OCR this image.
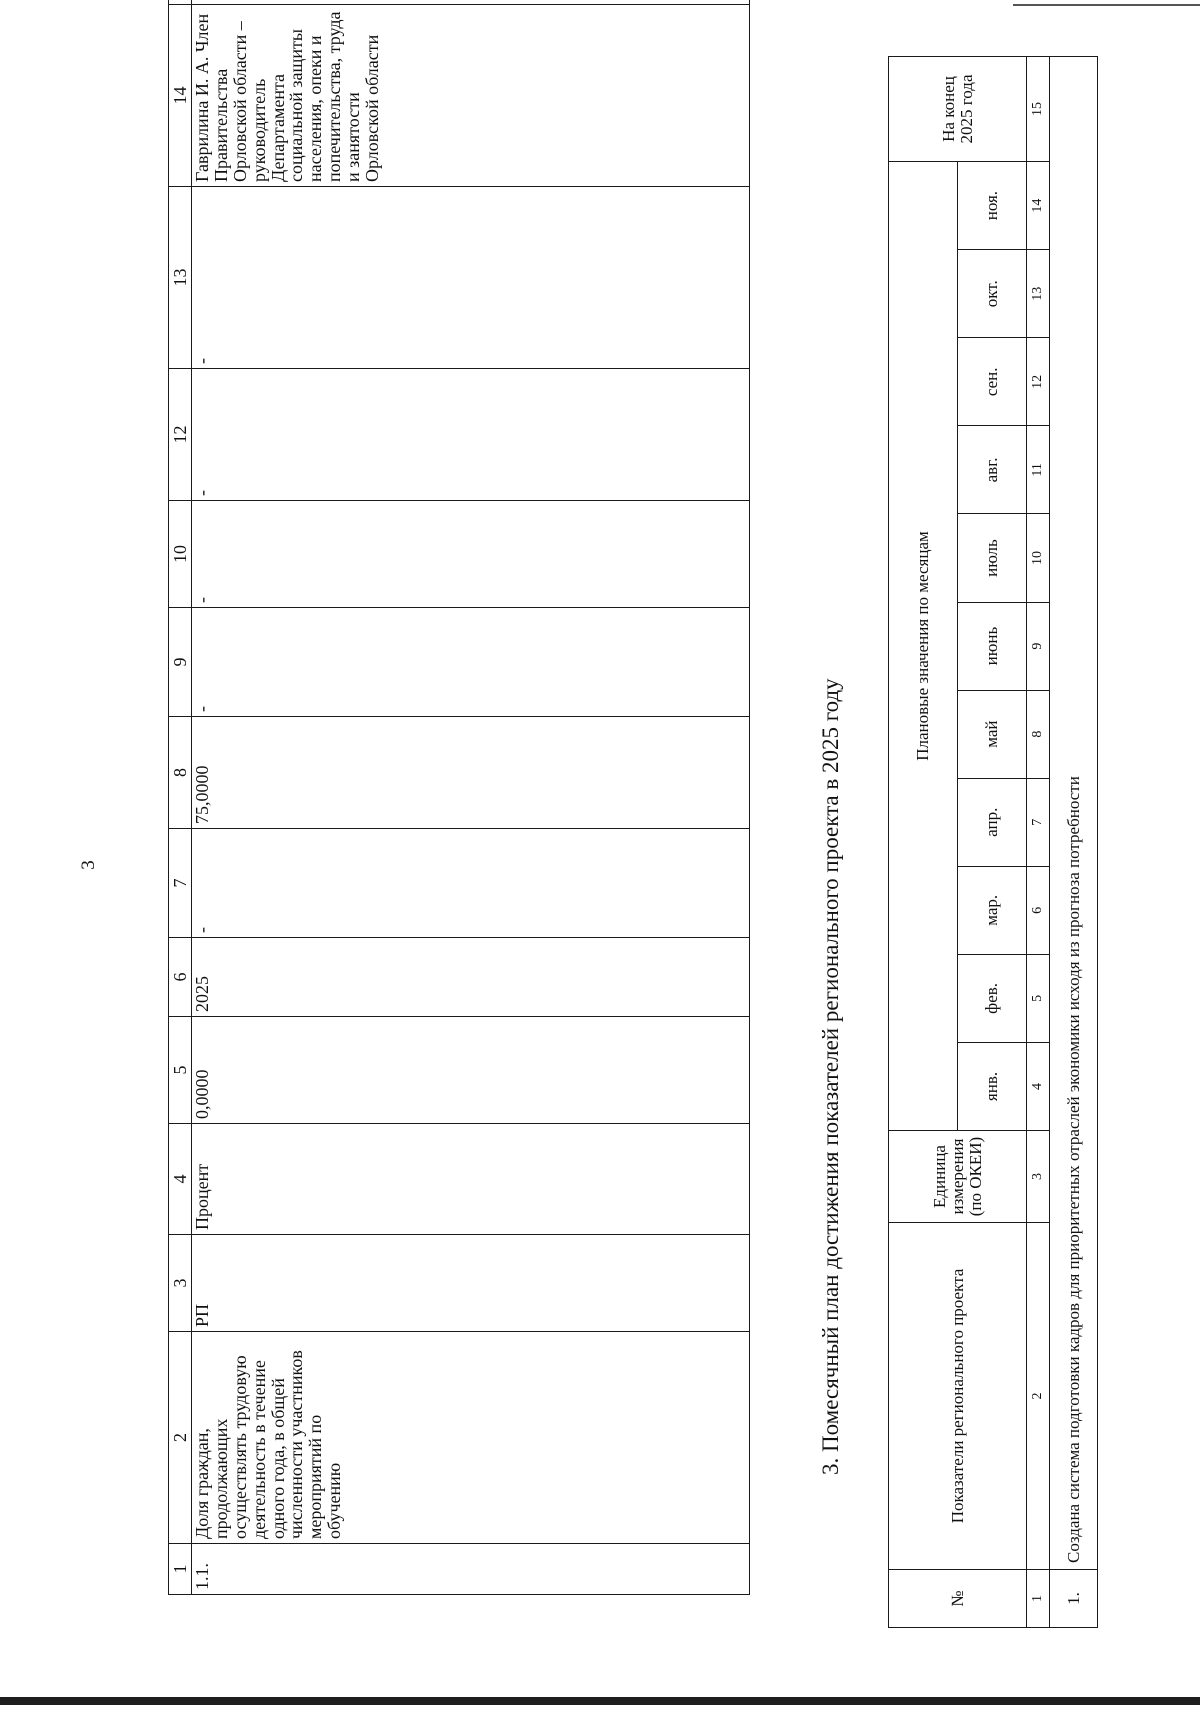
3
1	2	3	4	5	6	7	8	9	10	12	13	14	
1.1.	Доля граждан, продолжающих осуществлять трудовую деятельность в течение одного года, в общей численности участников мероприятий по обучению	РП	Процент	0,0000	2025	-	75,0000	-	-	-	-	Гаврилина И. А. Член Правительства Орловской области – руководитель Департамента социальной защиты населения, опеки и попечительства, труда и занятости Орловской области	
3. Помесячный план достижения показателей регионального проекта в 2025 году
№	Показатели регионального проекта	Единица измерения (по ОКЕИ)	Плановые значения по месяцам											На конец 2025 года
			янв.	фев.	мар.	апр.	май	июнь	июль	авг.	сен.	окт.	ноя.	
1	2	3	4	5	6	7	8	9	10	11	12	13	14	15
1.	Создана система подготовки кадров для приоритетных отраслей экономики исходя из прогноза потребности													
